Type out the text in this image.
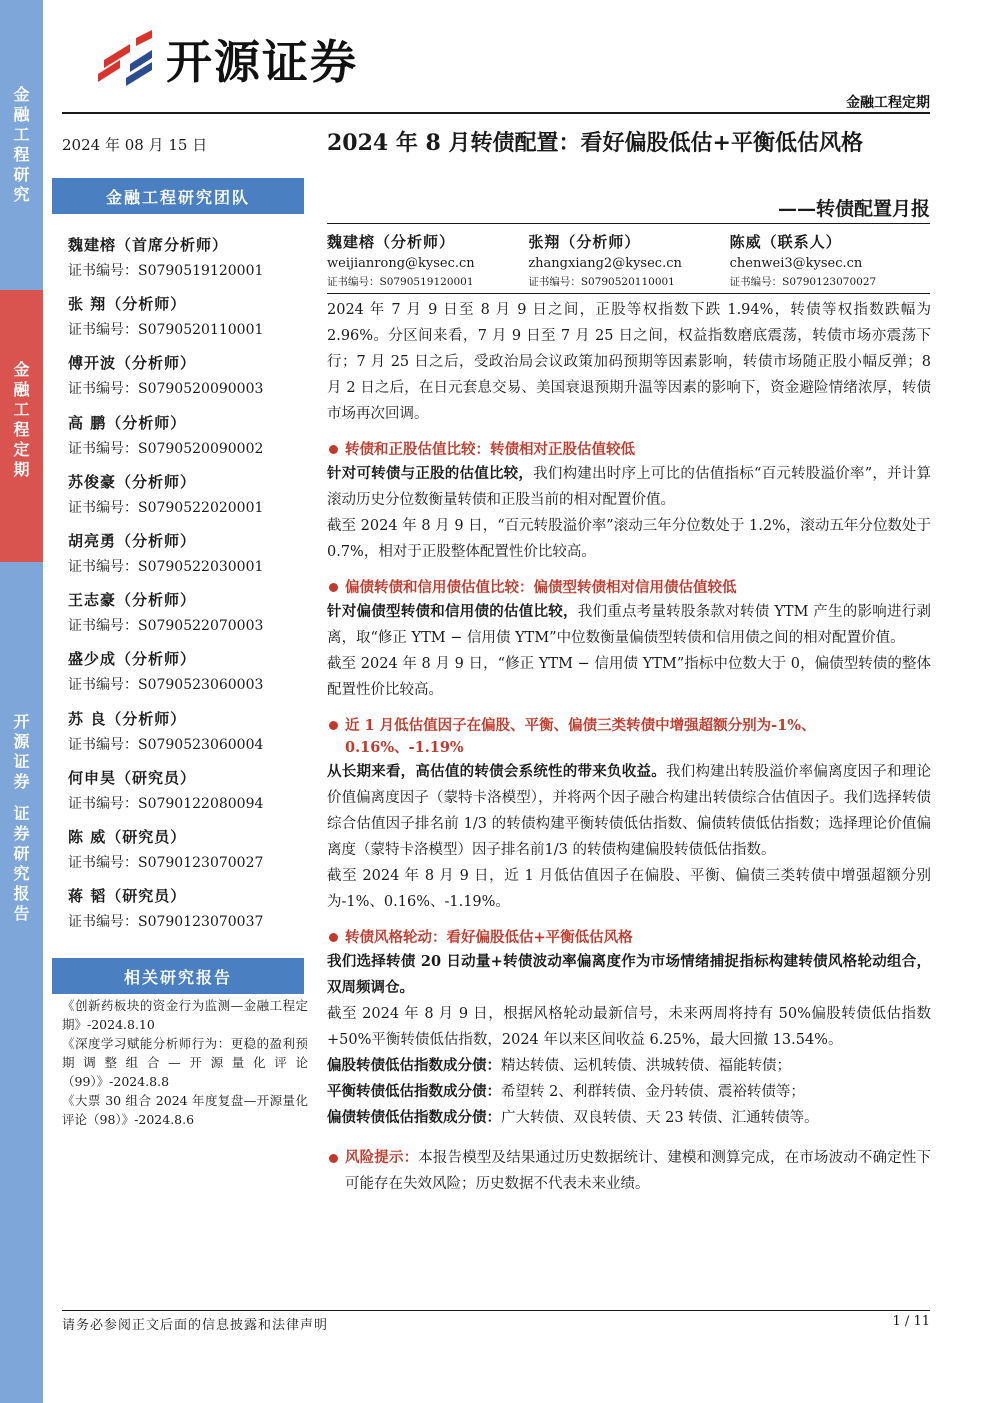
金
融
工
程
研
究
金
融
工
程
定
期
开
源
证
券
证
券
研
究
报
告
开源证券
金融工程定期
2024 年 08 月 15 日
金融工程研究团队
魏建榕（首席分析师）
证书编号：S0790519120001
张 翔（分析师）
证书编号：S0790520110001
傅开波（分析师）
证书编号：S0790520090003
高 鹏（分析师）
证书编号：S0790520090002
苏俊豪（分析师）
证书编号：S0790522020001
胡亮勇（分析师）
证书编号：S0790522030001
王志豪（分析师）
证书编号：S0790522070003
盛少成（分析师）
证书编号：S0790523060003
苏 良（分析师）
证书编号：S0790523060004
何申昊（研究员）
证书编号：S0790122080094
陈 威（研究员）
证书编号：S0790123070027
蒋 韬（研究员）
证书编号：S0790123070037
相关研究报告
《创新药板块的资金行为监测—金融工程定期》-2024.8.10
《深度学习赋能分析师行为：更稳的盈利预期调整组合—开源量化评论（99）》-2024.8.8
《大票 30 组合 2024 年度复盘—开源量化评论（98）》-2024.8.6
2024 年 8 月转债配置：看好偏股低估+平衡低估风格
——转债配置月报
魏建榕（分析师）
weijianrong@kysec.cn
证书编号：S0790519120001
张翔（分析师）
zhangxiang2@kysec.cn
证书编号：S0790520110001
陈威（联系人）
chenwei3@kysec.cn
证书编号：S0790123070027
2024 年 7 月 9 日至 8 月 9 日之间，正股等权指数下跌 1.94%，转债等权指数跌幅为 2.96%。分区间来看，7 月 9 日至 7 月 25 日之间，权益指数磨底震荡，转债市场亦震荡下行；7 月 25 日之后，受政治局会议政策加码预期等因素影响，转债市场随正股小幅反弹；8 月 2 日之后，在日元套息交易、美国衰退预期升温等因素的影响下，资金避险情绪浓厚，转债市场再次回调。
转债和正股估值比较：转债相对正股估值较低
针对可转债与正股的估值比较，我们构建出时序上可比的估值指标“百元转股溢价率”，并计算滚动历史分位数衡量转债和正股当前的相对配置价值。
截至 2024 年 8 月 9 日，“百元转股溢价率”滚动三年分位数处于 1.2%，滚动五年分位数处于 0.7%，相对于正股整体配置性价比较高。
偏债转债和信用债估值比较：偏债型转债相对信用债估值较低
针对偏债型转债和信用债的估值比较，我们重点考量转股条款对转债 YTM 产生的影响进行剥离，取“修正 YTM − 信用债 YTM”中位数衡量偏债型转债和信用债之间的相对配置价值。
截至 2024 年 8 月 9 日，“修正 YTM − 信用债 YTM”指标中位数大于 0，偏债型转债的整体配置性价比较高。
近 1 月低估值因子在偏股、平衡、偏债三类转债中增强超额分别为-1%、0.16%、-1.19%
从长期来看，高估值的转债会系统性的带来负收益。我们构建出转股溢价率偏离度因子和理论价值偏离度因子（蒙特卡洛模型），并将两个因子融合构建出转债综合估值因子。我们选择转债综合估值因子排名前 1/3 的转债构建平衡转债低估指数、偏债转债低估指数；选择理论价值偏离度（蒙特卡洛模型）因子排名前1/3 的转债构建偏股转债低估指数。
截至 2024 年 8 月 9 日，近 1 月低估值因子在偏股、平衡、偏债三类转债中增强超额分别为-1%、0.16%、-1.19%。
转债风格轮动：看好偏股低估+平衡低估风格
我们选择转债 20 日动量+转债波动率偏离度作为市场情绪捕捉指标构建转债风格轮动组合，双周频调仓。
截至 2024 年 8 月 9 日，根据风格轮动最新信号，未来两周将持有 50%偏股转债低估指数+50%平衡转债低估指数，2024 年以来区间收益 6.25%，最大回撤 13.54%。
偏股转债低估指数成分债：精达转债、运机转债、洪城转债、福能转债；
平衡转债低估指数成分债：希望转 2、利群转债、金丹转债、震裕转债等；
偏债转债低估指数成分债：广大转债、双良转债、天 23 转债、汇通转债等。
风险提示：本报告模型及结果通过历史数据统计、建模和测算完成，在市场波动不确定性下可能存在失效风险；历史数据不代表未来业绩。
请务必参阅正文后面的信息披露和法律声明	1 / 11
